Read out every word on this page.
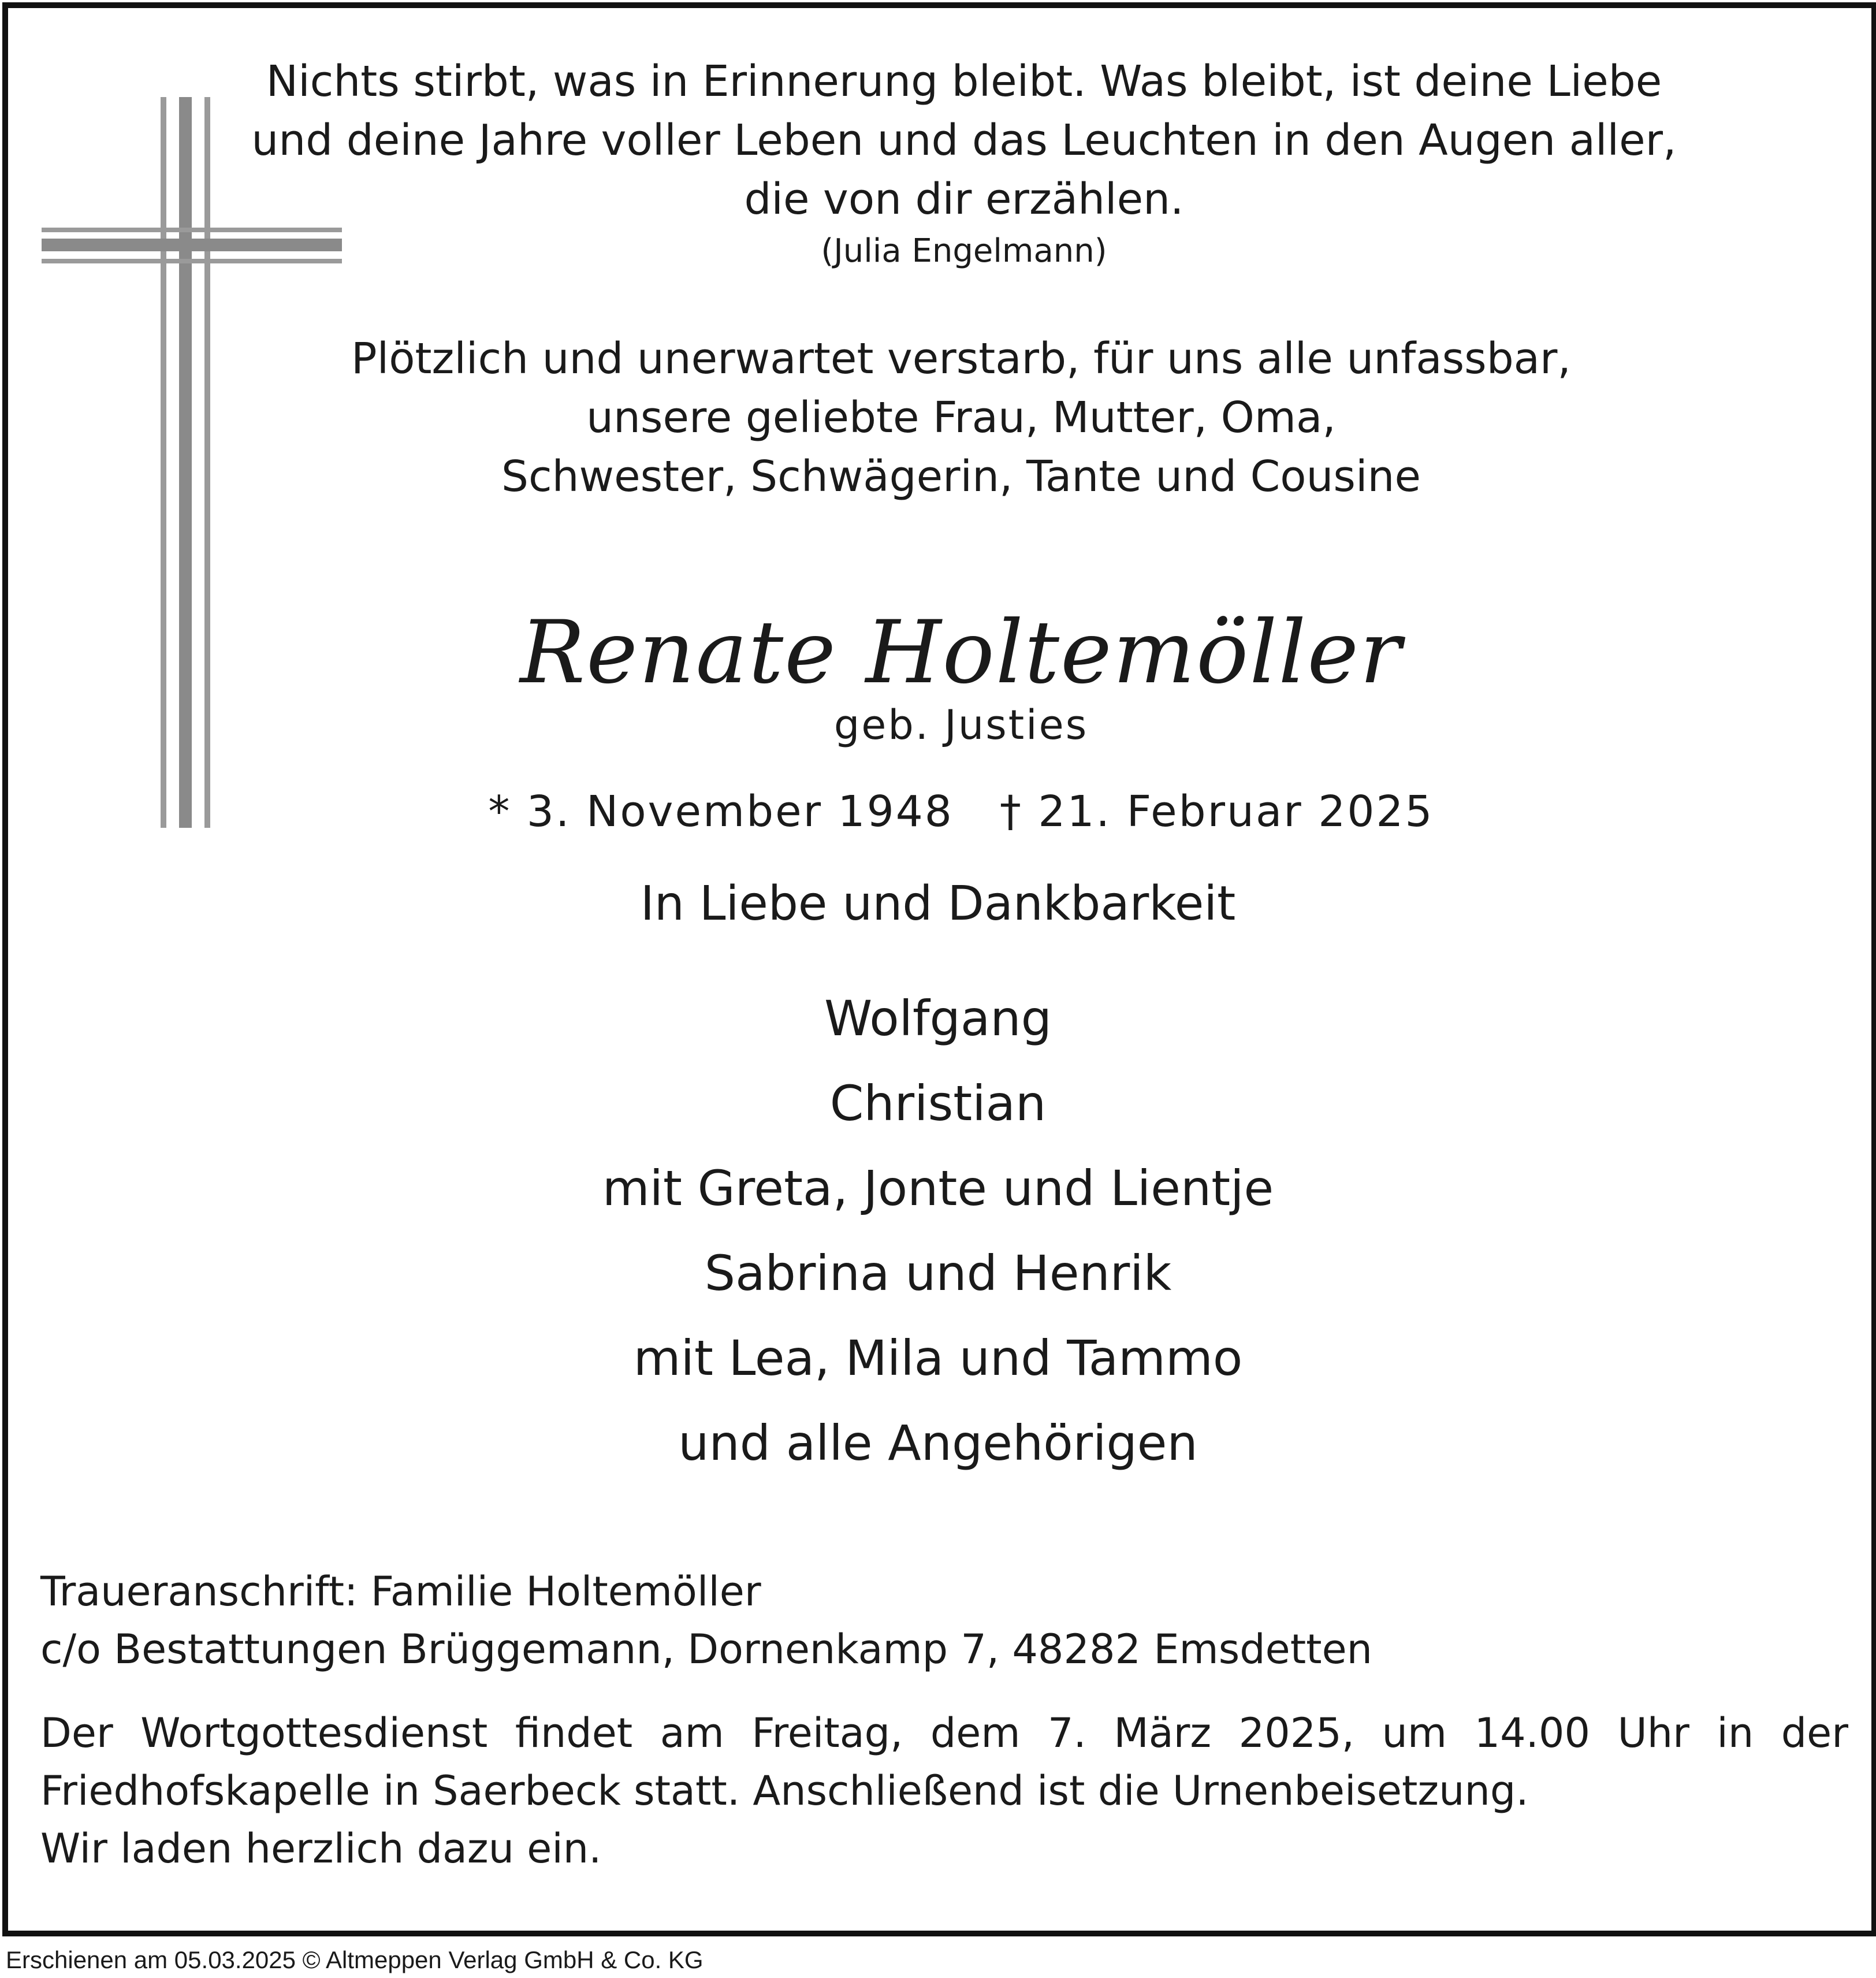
Nichts stirbt, was in Erinnerung bleibt. Was bleibt, ist deine Liebe
und deine Jahre voller Leben und das Leuchten in den Augen aller,
die von dir erzählen.
(Julia Engelmann)
Plötzlich und unerwartet verstarb, für uns alle unfassbar,
unsere geliebte Frau, Mutter, Oma,
Schwester, Schwägerin, Tante und Cousine
Renate Holtemöller
geb. Justies
* 3. November 1948 † 21. Februar 2025
In Liebe und Dankbarkeit
Wolfgang
Christian
mit Greta, Jonte und Lientje
Sabrina und Henrik
mit Lea, Mila und Tammo
und alle Angehörigen
Traueranschrift: Familie Holtemöller
c/o Bestattungen Brüggemann, Dornenkamp 7, 48282 Emsdetten
Der Wortgottesdienst findet am Freitag, dem 7. März 2025, um 14.00 Uhr in der
Friedhofskapelle in Saerbeck statt. Anschließend ist die Urnenbeisetzung.
Wir laden herzlich dazu ein.
Erschienen am 05.03.2025 © Altmeppen Verlag GmbH & Co. KG
